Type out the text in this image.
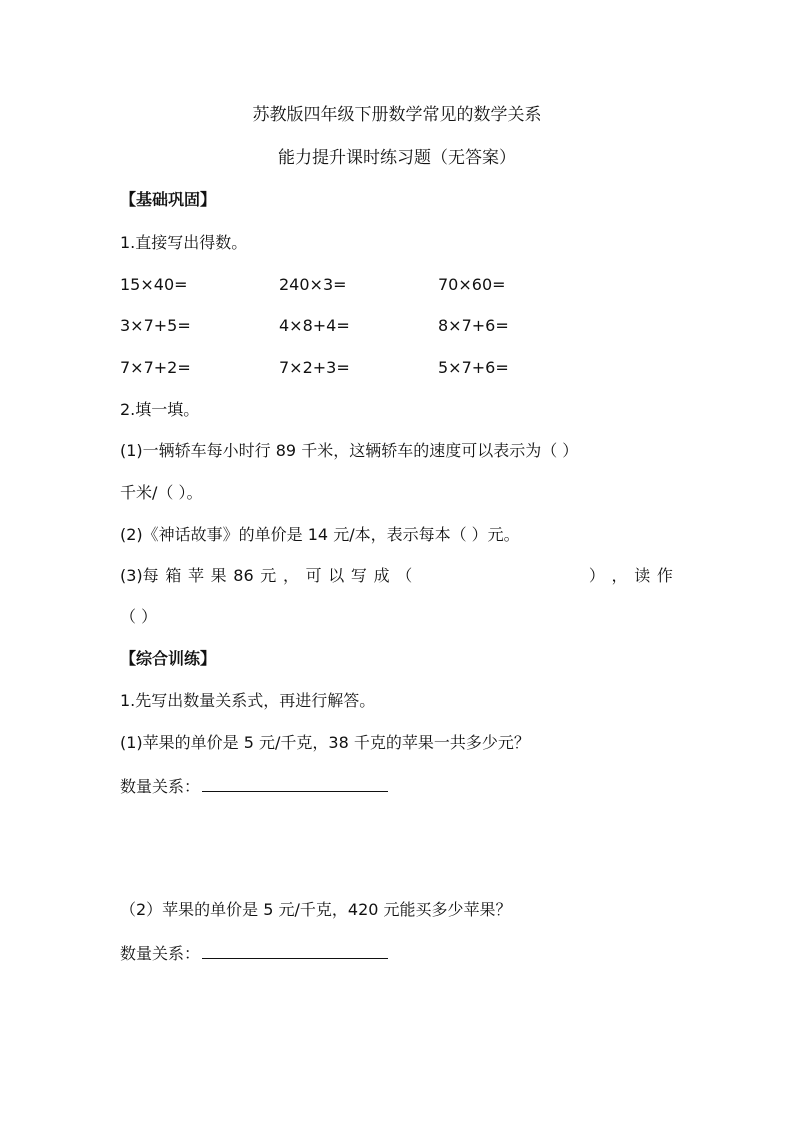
苏教版四年级下册数学常见的数学关系
能力提升课时练习题（无答案）
【基础巩固】
1.直接写出得数。
15×40=	240×3=	70×60=
3×7+5=	4×8+4=	8×7+6=
7×7+2=	7×2+3=	5×7+6=
2.填一填。
(1)一辆轿车每小时行 89 千米，这辆轿车的速度可以表示为（ ）
千米/（ ）。
(2)《神话故事》的单价是 14 元/本，表示每本（ ）元。
(3)每 箱 苹 果 86 元 ， 可 以 写 成 （	） ， 读 作
（ ）
【综合训练】
1.先写出数量关系式，再进行解答。
(1)苹果的单价是 5 元/千克，38 千克的苹果一共多少元？
数量关系：
（2）苹果的单价是 5 元/千克，420 元能买多少苹果？
数量关系：
